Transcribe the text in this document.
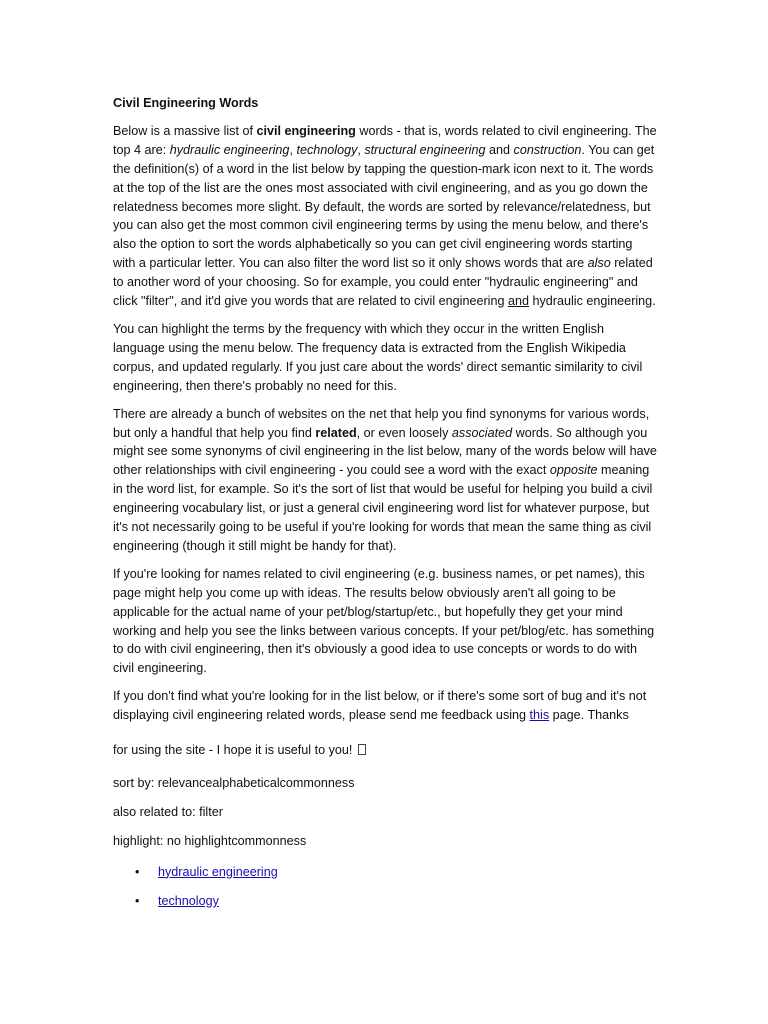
Civil Engineering Words

Below is a massive list of civil engineering words - that is, words related to civil engineering. The top 4 are: hydraulic engineering, technology, structural engineering and construction. You can get the definition(s) of a word in the list below by tapping the question-mark icon next to it. The words at the top of the list are the ones most associated with civil engineering, and as you go down the relatedness becomes more slight. By default, the words are sorted by relevance/relatedness, but you can also get the most common civil engineering terms by using the menu below, and there's also the option to sort the words alphabetically so you can get civil engineering words starting with a particular letter. You can also filter the word list so it only shows words that are also related to another word of your choosing. So for example, you could enter "hydraulic engineering" and click "filter", and it'd give you words that are related to civil engineering and hydraulic engineering.

You can highlight the terms by the frequency with which they occur in the written English language using the menu below. The frequency data is extracted from the English Wikipedia corpus, and updated regularly. If you just care about the words' direct semantic similarity to civil engineering, then there's probably no need for this.

There are already a bunch of websites on the net that help you find synonyms for various words, but only a handful that help you find related, or even loosely associated words. So although you might see some synonyms of civil engineering in the list below, many of the words below will have other relationships with civil engineering - you could see a word with the exact opposite meaning in the word list, for example. So it's the sort of list that would be useful for helping you build a civil engineering vocabulary list, or just a general civil engineering word list for whatever purpose, but it's not necessarily going to be useful if you're looking for words that mean the same thing as civil engineering (though it still might be handy for that).

If you're looking for names related to civil engineering (e.g. business names, or pet names), this page might help you come up with ideas. The results below obviously aren't all going to be applicable for the actual name of your pet/blog/startup/etc., but hopefully they get your mind working and help you see the links between various concepts. If your pet/blog/etc. has something to do with civil engineering, then it's obviously a good idea to use concepts or words to do with civil engineering.

If you don't find what you're looking for in the list below, or if there's some sort of bug and it's not displaying civil engineering related words, please send me feedback using this page. Thanks

for using the site - I hope it is useful to you!

sort by: relevancealphabeticalcommonness

also related to: filter

highlight: no highlightcommonness

• hydraulic engineering
• technology
